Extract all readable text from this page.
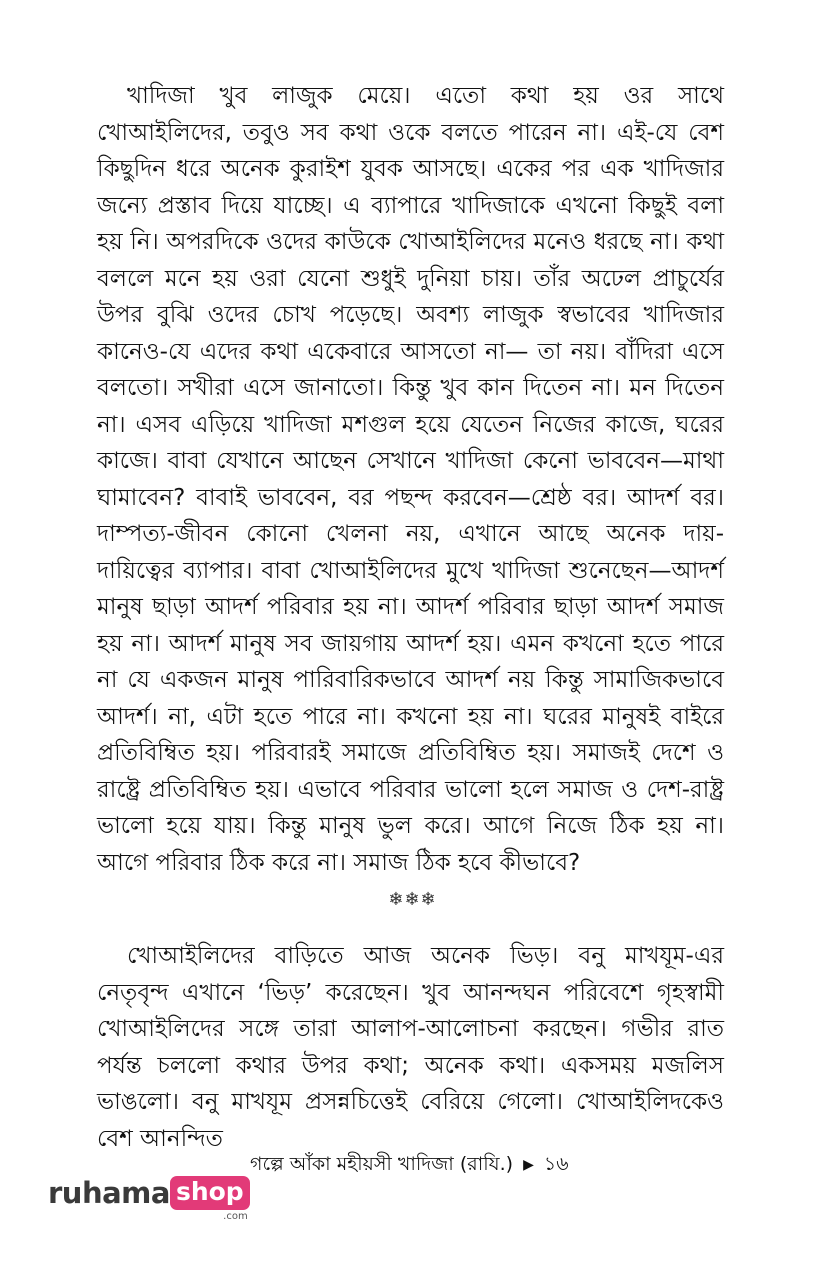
খাদিজা খুব লাজুক মেয়ে। এতো কথা হয় ওর সাথে খোআইলিদের, তবুও সব কথা ওকে বলতে পারেন না। এই-যে বেশ কিছুদিন ধরে অনেক কুরাইশ যুবক আসছে। একের পর এক খাদিজার জন্যে প্রস্তাব দিয়ে যাচ্ছে। এ ব্যাপারে খাদিজাকে এখনো কিছুই বলা হয় নি। অপরদিকে ওদের কাউকে খোআইলিদের মনেও ধরছে না। কথা বললে মনে হয় ওরা যেনো শুধুই দুনিয়া চায়। তাঁর অঢেল প্রাচুর্যের উপর বুঝি ওদের চোখ পড়েছে। অবশ্য লাজুক স্বভাবের খাদিজার কানেও-যে এদের কথা একেবারে আসতো না— তা নয়। বাঁদিরা এসে বলতো। সখীরা এসে জানাতো। কিন্তু খুব কান দিতেন না। মন দিতেন না। এসব এড়িয়ে খাদিজা মশগুল হয়ে যেতেন নিজের কাজে, ঘরের কাজে। বাবা যেখানে আছেন সেখানে খাদিজা কেনো ভাববেন—মাথা ঘামাবেন? বাবাই ভাববেন, বর পছন্দ করবেন—শ্রেষ্ঠ বর। আদর্শ বর। দাম্পত্য-জীবন কোনো খেলনা নয়, এখানে আছে অনেক দায়-দায়িত্বের ব্যাপার। বাবা খোআইলিদের মুখে খাদিজা শুনেছেন—আদর্শ মানুষ ছাড়া আদর্শ পরিবার হয় না। আদর্শ পরিবার ছাড়া আদর্শ সমাজ হয় না। আদর্শ মানুষ সব জায়গায় আদর্শ হয়। এমন কখনো হতে পারে না যে একজন মানুষ পারিবারিকভাবে আদর্শ নয় কিন্তু সামাজিকভাবে আদর্শ। না, এটা হতে পারে না। কখনো হয় না। ঘরের মানুষই বাইরে প্রতিবিম্বিত হয়। পরিবারই সমাজে প্রতিবিম্বিত হয়। সমাজই দেশে ও রাষ্ট্রে প্রতিবিম্বিত হয়। এভাবে পরিবার ভালো হলে সমাজ ও দেশ-রাষ্ট্র ভালো হয়ে যায়। কিন্তু মানুষ ভুল করে। আগে নিজে ঠিক হয় না। আগে পরিবার ঠিক করে না। সমাজ ঠিক হবে কীভাবে?

❄❄❄

খোআইলিদের বাড়িতে আজ অনেক ভিড়। বনু মাখযূম-এর নেতৃবৃন্দ এখানে ‘ভিড়’ করেছেন। খুব আনন্দঘন পরিবেশে গৃহস্বামী খোআইলিদের সঙ্গে তারা আলাপ-আলোচনা করছেন। গভীর রাত পর্যন্ত চললো কথার উপর কথা; অনেক কথা। একসময় মজলিস ভাঙলো। বনু মাখযূম প্রসন্নচিত্তেই বেরিয়ে গেলো। খোআইলিদকেও বেশ আনন্দিত

গল্পে আঁকা মহীয়সী খাদিজা (রাযি.) ▶ ১৬
ruhama shop
.com
